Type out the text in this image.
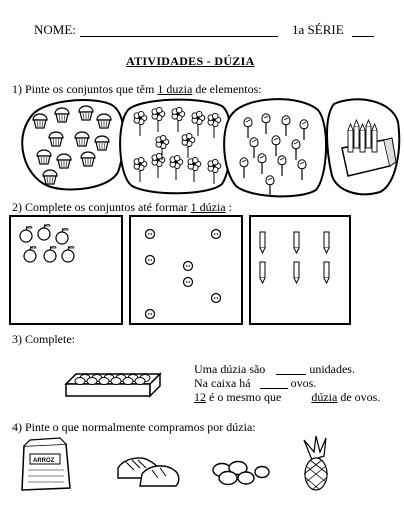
NOME:	1a SÉRIE
ATIVIDADES - DÚZIA
1) Pinte os conjuntos que têm 1 duzia de elementos:
ARROZ
2) Complete os conjuntos até formar 1 dúzia :
3) Complete:
Uma dúzia são	unidades.
Na caixa há	ovos.
12 é o mesmo que	dúzia de ovos.
4) Pinte o que normalmente compramos por dúzia:
